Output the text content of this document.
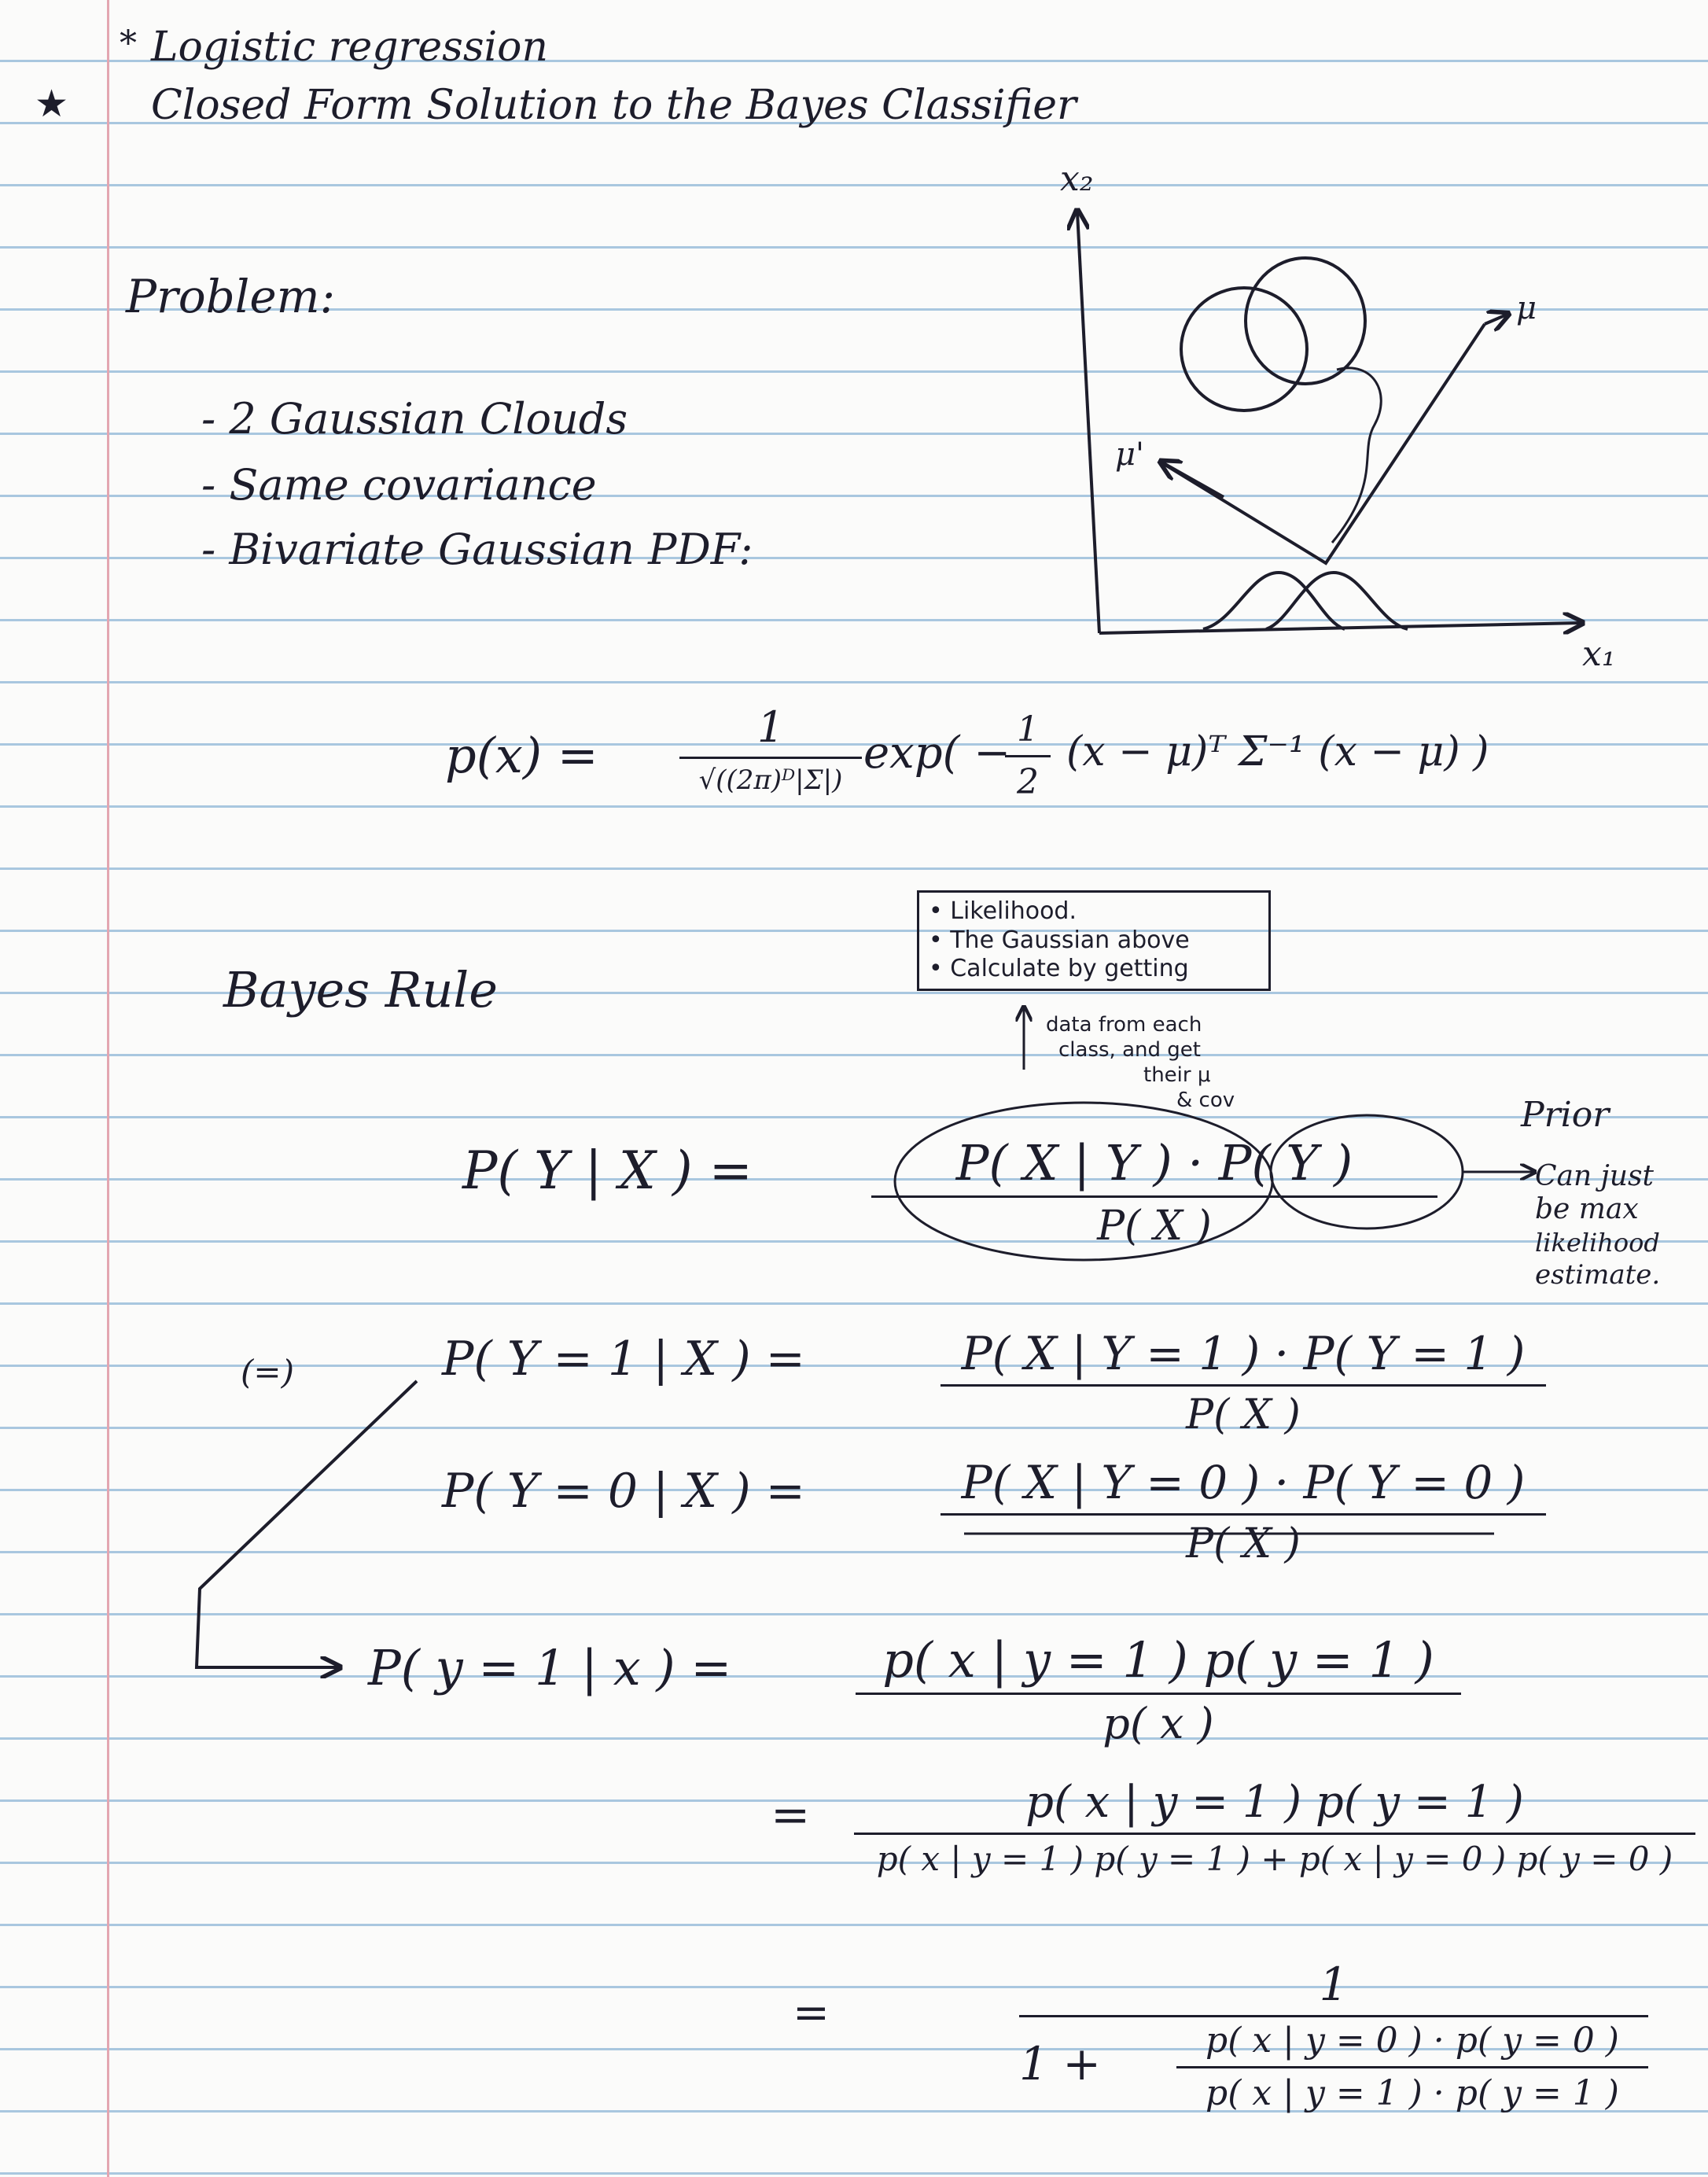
* Logistic regression
★ Closed Form Solution to the Bayes Classifier
Problem:
- 2 Gaussian Clouds
- Same covariance
- Bivariate Gaussian PDF:
x₂
x₁
μ
μ'
p(x) =	1
√((2π)ᴰ|Σ|)
exp( −
$\frac{1}{2} (x$ − μ)ᵀ Σ⁻¹ (x − μ) )
Bayes Rule
• Likelihood.
• The Gaussian above
• Calculate by getting
data from each
class, and get
their μ
& cov	Prior
Can just
be max
likelihood
estimate.
P( Y | X ) =	P( X | Y ) · P( Y )
P( X )
(=)	P( Y = 1 | X ) =	$\frac{P( X | Y = 1 ) \cdot P( Y = 1 )}{P( X )}$
P( Y = 0 | X ) =	$\frac{P( X | Y = 0 ) \cdot P( Y = 0 )}{P( X )}$
P( y = 1 | x ) =	$\frac{p( x | y = 1 ) p( y = 1 )}{p( x )}$
=	p( x | y = 1 ) p( y = 1 )
p( x | y = 1 ) p( y = 1 ) + p( x | y = 0 ) p( y = 0 )
=
1
$1 + \frac{p( x | y = 0 ) \cdot p( y = 0 )}{p( x | y = 1 ) \cdot p( y = 1 )}$
